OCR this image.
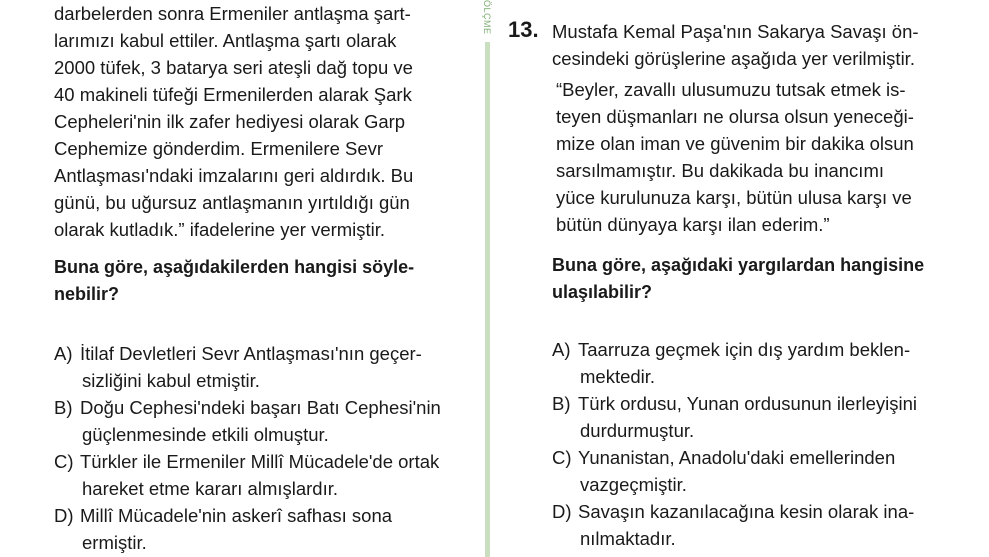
ÖLÇME
darbelerden sonra Ermeniler antlaşma şart-
larımızı kabul ettiler. Antlaşma şartı olarak
2000 tüfek, 3 batarya seri ateşli dağ topu ve
40 makineli tüfeği Ermenilerden alarak Şark
Cepheleri'nin ilk zafer hediyesi olarak Garp
Cephemize gönderdim. Ermenilere Sevr
Antlaşması'ndaki imzalarını geri aldırdık. Bu
günü, bu uğursuz antlaşmanın yırtıldığı gün
olarak kutladık.” ifadelerine yer vermiştir.
Buna göre, aşağıdakilerden hangisi söyle-
nebilir?
A) İtilaf Devletleri Sevr Antlaşması'nın geçer-
sizliğini kabul etmiştir.
B) Doğu Cephesi'ndeki başarı Batı Cephesi'nin
güçlenmesinde etkili olmuştur.
C) Türkler ile Ermeniler Millî Mücadele'de ortak
hareket etme kararı almışlardır.
D) Millî Mücadele'nin askerî safhası sona
ermiştir.
13. Mustafa Kemal Paşa'nın Sakarya Savaşı ön-
cesindeki görüşlerine aşağıda yer verilmiştir.
“Beyler, zavallı ulusumuzu tutsak etmek is-
teyen düşmanları ne olursa olsun yeneceği-
mize olan iman ve güvenim bir dakika olsun
sarsılmamıştır. Bu dakikada bu inancımı
yüce kurulunuza karşı, bütün ulusa karşı ve
bütün dünyaya karşı ilan ederim.”
Buna göre, aşağıdaki yargılardan hangisine
ulaşılabilir?
A) Taarruza geçmek için dış yardım beklen-
mektedir.
B) Türk ordusu, Yunan ordusunun ilerleyişini
durdurmuştur.
C) Yunanistan, Anadolu'daki emellerinden
vazgeçmiştir.
D) Savaşın kazanılacağına kesin olarak ina-
nılmaktadır.
